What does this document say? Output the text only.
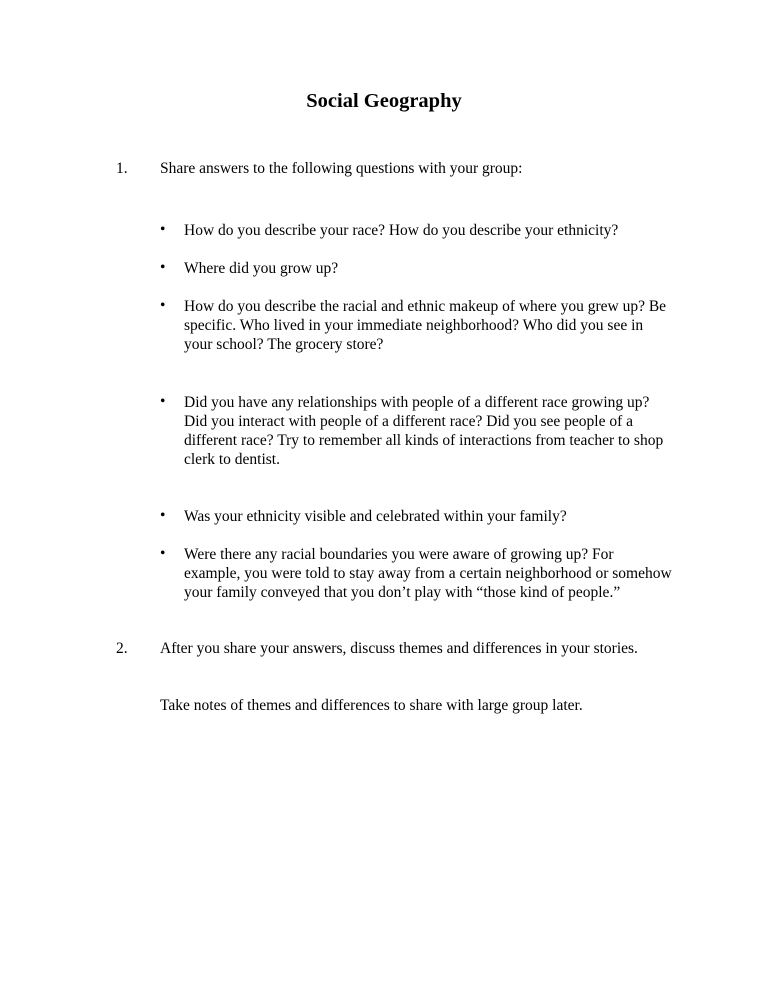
Social Geography
1. Share answers to the following questions with your group:
• How do you describe your race? How do you describe your ethnicity?
• Where did you grow up?
• How do you describe the racial and ethnic makeup of where you grew up? Be
specific. Who lived in your immediate neighborhood? Who did you see in
your school? The grocery store?
• Did you have any relationships with people of a different race growing up?
Did you interact with people of a different race? Did you see people of a
different race? Try to remember all kinds of interactions from teacher to shop
clerk to dentist.
• Was your ethnicity visible and celebrated within your family?
• Were there any racial boundaries you were aware of growing up? For
example, you were told to stay away from a certain neighborhood or somehow
your family conveyed that you don’t play with “those kind of people.”
2. After you share your answers, discuss themes and differences in your stories.
Take notes of themes and differences to share with large group later.
